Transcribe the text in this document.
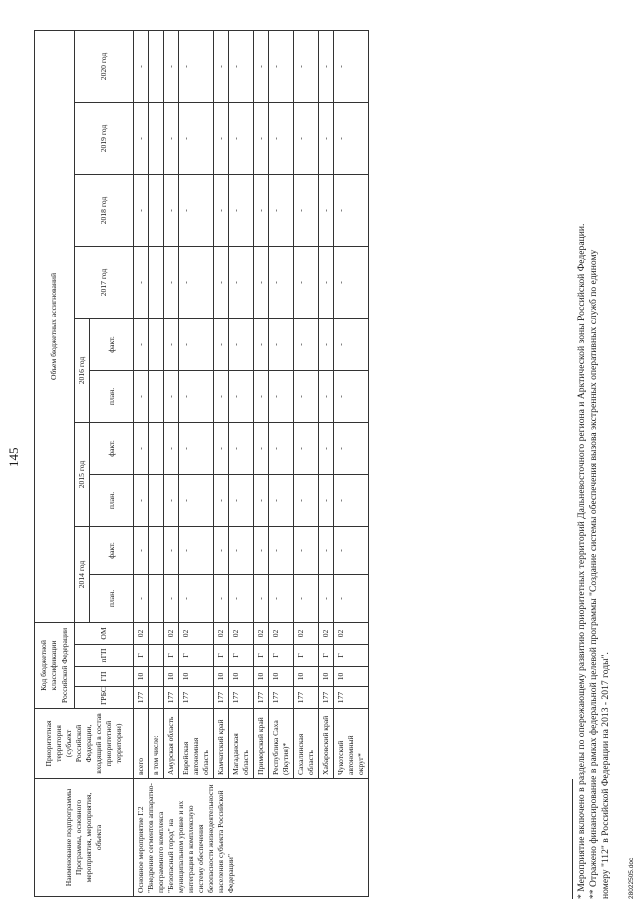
145
Наименование подпрограммы Программы, основного мероприятия, мероприятия, объекта	Приоритетная территория (субъект Российской Федерации, входящий в состав приоритетной территории)	Код бюджетной классификации Российской Федерации				Объем бюджетных ассигнований									
		ГРБС	ГП	пГП	ОМ	2014 год		2015 год		2016 год		2017 год	2018 год	2019 год	2020 год
						план.	факт.	план.	факт.	план.	факт.				

Основное мероприятие Г.2 "Внедрение сегментов аппаратно-программного комплекса "Безопасный город" на муниципальном уровне и их интеграция в комплексную систему обеспечения безопасности жизнедеятельности населения субъекта Российской Федерации"	всего	177	10	Г	02	-	-	-	-	-	-	-	-	-	-
	в том числе:														
	Амурская область	177	10	Г	02	-	-	-	-	-	-	-	-	-	-
	Еврейская автономная область	177	10	Г	02	-	-	-	-	-	-	-	-	-	-
	Камчатский край	177	10	Г	02	-	-	-	-	-	-	-	-	-	-
	Магаданская область	177	10	Г	02	-	-	-	-	-	-	-	-	-	-
	Приморский край	177	10	Г	02	-	-	-	-	-	-	-	-	-	-
	Республика Саха (Якутия)*	177	10	Г	02	-	-	-	-	-	-	-	-	-	-
	Сахалинская область	177	10	Г	02	-	-	-	-	-	-	-	-	-	-
	Хабаровский край	177	10	Г	02	-	-	-	-	-	-	-	-	-	-
	Чукотский автономный округ*	177	10	Г	02	-	-	-	-	-	-	-	-	-	-
* Мероприятие включено в разделы по опережающему развитию приоритетных территорий Дальневосточного региона и Арктической зоны Российской Федерации. ** Отражено финансирование в рамках федеральной целевой программы "Создание системы обеспечения вызова экстренных оперативных служб по единому номеру "112" в Российской Федерации на 2013 - 2017 годы".	28022505.doc
